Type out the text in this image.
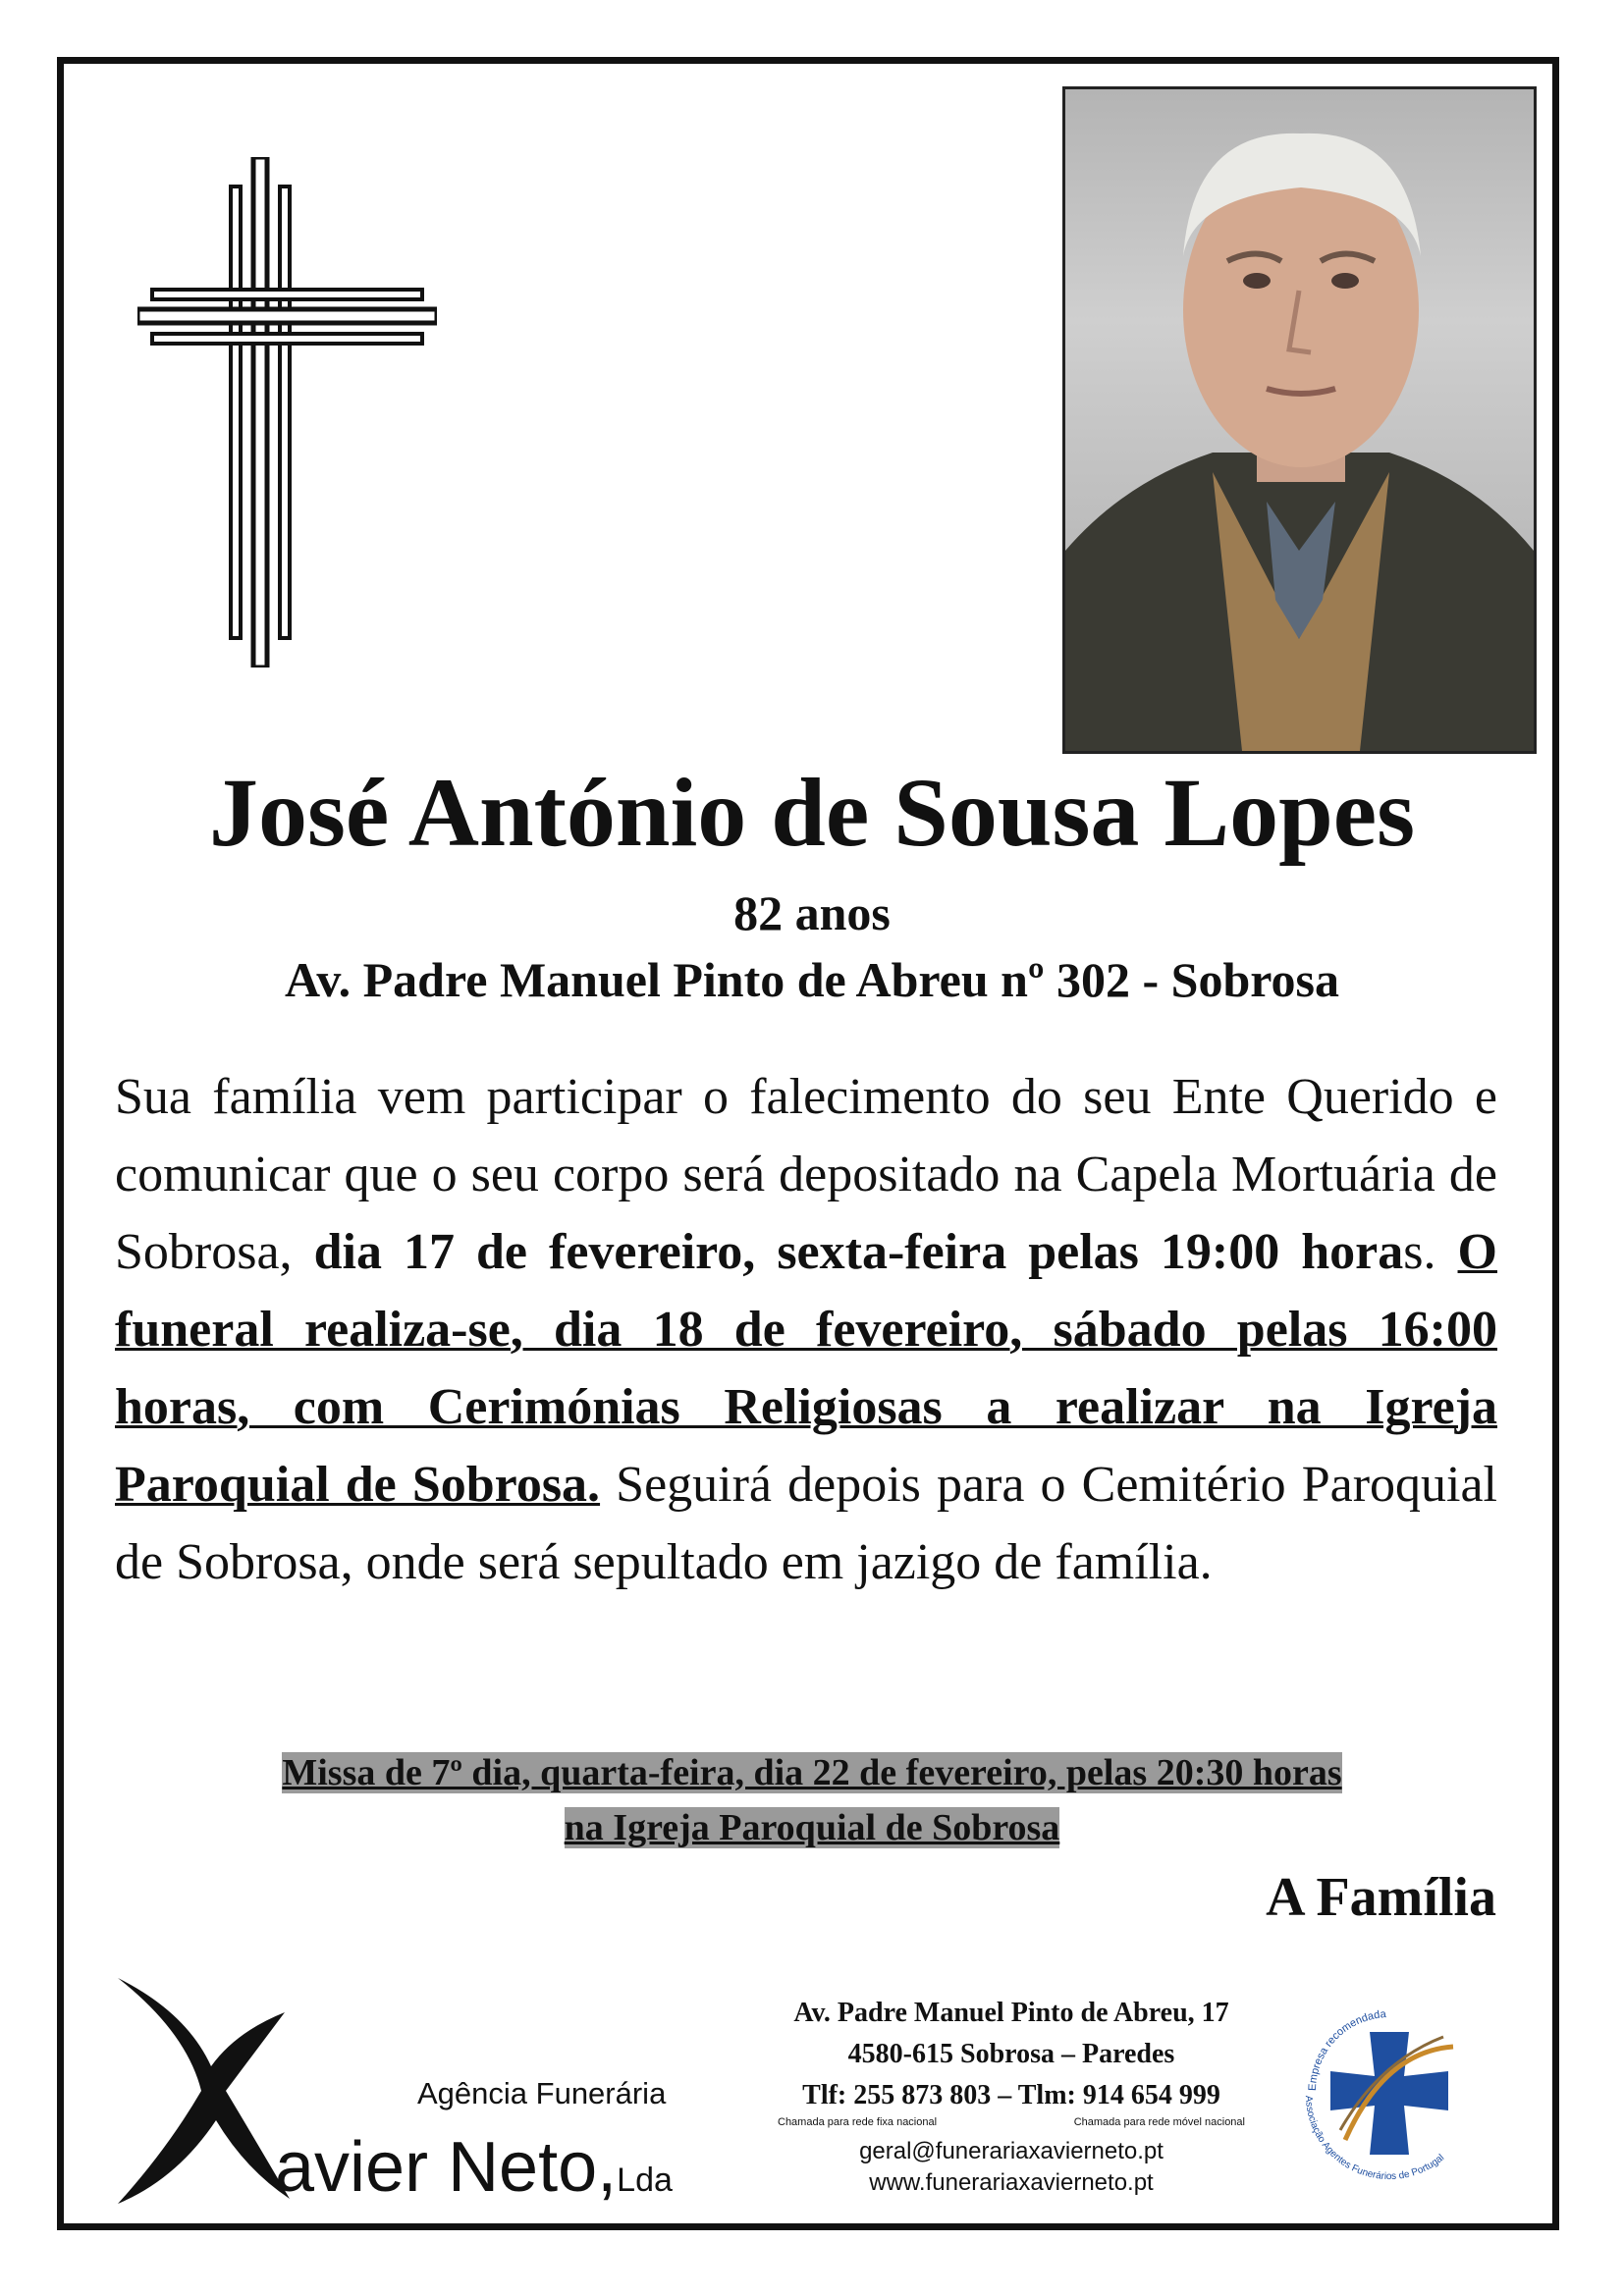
José António de Sousa Lopes
82 anos
Av. Padre Manuel Pinto de Abreu nº 302 - Sobrosa
Sua família vem participar o falecimento do seu Ente Querido e comunicar que o seu corpo será depositado na Capela Mortuária de Sobrosa, dia 17 de fevereiro, sexta-feira pelas 19:00 horas. O funeral realiza-se, dia 18 de fevereiro, sábado pelas 16:00 horas, com Cerimónias Religiosas a realizar na Igreja Paroquial de Sobrosa. Seguirá depois para o Cemitério Paroquial de Sobrosa, onde será sepultado em jazigo de família.
Missa de 7º dia, quarta-feira, dia 22 de fevereiro, pelas 20:30 horas
na Igreja Paroquial de Sobrosa
A Família
Agência Funerária
avier Neto,Lda
Av. Padre Manuel Pinto de Abreu, 17
4580-615 Sobrosa – Paredes
Tlf: 255 873 803 – Tlm: 914 654 999
Chamada para rede fixa nacional	Chamada para rede móvel nacional
geral@funerariaxavierneto.pt
www.funerariaxavierneto.pt
Empresa recomendada
Associação Agentes Funerários de Portugal
